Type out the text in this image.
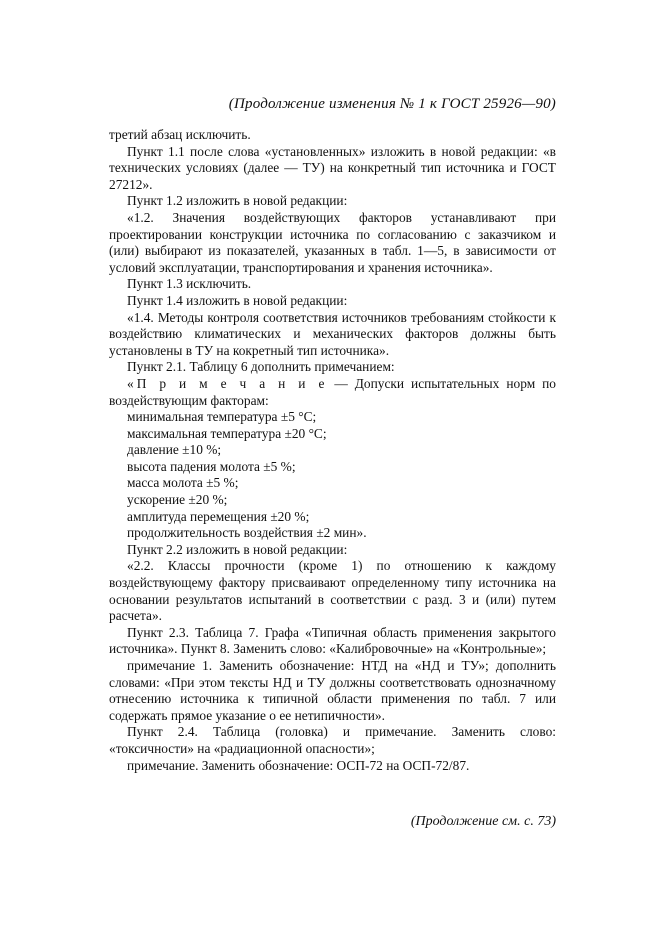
(Продолжение изменения № 1 к ГОСТ 25926—90)

третий абзац исключить.

Пункт 1.1 после слова «установленных» изложить в новой редакции: «в технических условиях (далее — ТУ) на конкретный тип источника и ГОСТ 27212».

Пункт 1.2 изложить в новой редакции:

«1.2. Значения воздействующих факторов устанавливают при проектировании конструкции источника по согласованию с заказчиком и (или) выбирают из показателей, указанных в табл. 1—5, в зависимости от условий эксплуатации, транспортирования и хранения источника».

Пункт 1.3 исключить.

Пункт 1.4 изложить в новой редакции:

«1.4. Методы контроля соответствия источников требованиям стойкости к воздействию климатических и механических факторов должны быть установлены в ТУ на кокретный тип источника».

Пункт 2.1. Таблицу 6 дополнить примечанием:

«П р и м е ч а н и е — Допуски испытательных норм по воздействующим факторам:

минимальная температура ±5 °С;
максимальная температура ±20 °С;
давление ±10 %;
высота падения молота ±5 %;
масса молота ±5 %;
ускорение ±20 %;
амплитуда перемещения ±20 %;
продолжительность воздействия ±2 мин».

Пункт 2.2 изложить в новой редакции:

«2.2. Классы прочности (кроме 1) по отношению к каждому воздействующему фактору присваивают определенному типу источника на основании результатов испытаний в соответствии с разд. 3 и (или) путем расчета».

Пункт 2.3. Таблица 7. Графа «Типичная область применения закрытого источника». Пункт 8. Заменить слово: «Калибровочные» на «Контрольные»;

примечание 1. Заменить обозначение: НТД на «НД и ТУ»; дополнить словами: «При этом тексты НД и ТУ должны соответствовать однозначному отнесению источника к типичной области применения по табл. 7 или содержать прямое указание о ее нетипичности».

Пункт 2.4. Таблица (головка) и примечание. Заменить слово: «токсичности» на «радиационной опасности»;

примечание. Заменить обозначение: ОСП-72 на ОСП-72/87.

(Продолжение см. с. 73)
